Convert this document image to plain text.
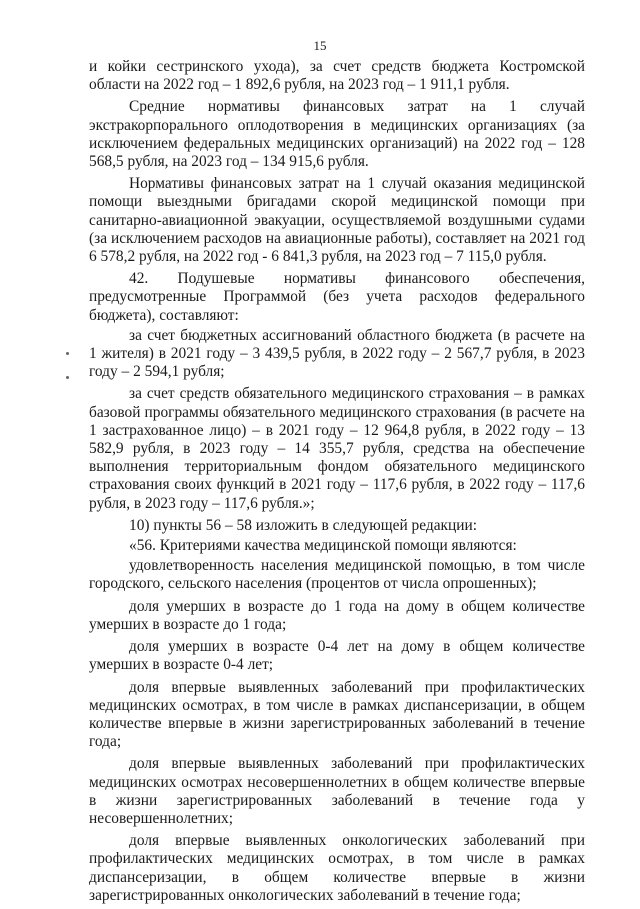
15

и койки сестринского ухода), за счет средств бюджета Костромской области на 2022 год – 1 892,6 рубля, на 2023 год – 1 911,1 рубля.

Средние нормативы финансовых затрат на 1 случай экстракорпорального оплодотворения в медицинских организациях (за исключением федеральных медицинских организаций) на 2022 год – 128 568,5 рубля, на 2023 год – 134 915,6 рубля.

Нормативы финансовых затрат на 1 случай оказания медицинской помощи выездными бригадами скорой медицинской помощи при санитарно-авиационной эвакуации, осуществляемой воздушными судами (за исключением расходов на авиационные работы), составляет на 2021 год 6 578,2 рубля, на 2022 год - 6 841,3 рубля, на 2023 год – 7 115,0 рубля.

42. Подушевые нормативы финансового обеспечения, предусмотренные Программой (без учета расходов федерального бюджета), составляют:

за счет бюджетных ассигнований областного бюджета (в расчете на 1 жителя) в 2021 году – 3 439,5 рубля, в 2022 году – 2 567,7 рубля, в 2023 году – 2 594,1 рубля;

за счет средств обязательного медицинского страхования – в рамках базовой программы обязательного медицинского страхования (в расчете на 1 застрахованное лицо) – в 2021 году – 12 964,8 рубля, в 2022 году – 13 582,9 рубля, в 2023 году – 14 355,7 рубля, средства на обеспечение выполнения территориальным фондом обязательного медицинского страхования своих функций в 2021 году – 117,6 рубля, в 2022 году – 117,6 рубля, в 2023 году – 117,6 рубля.»;

10) пункты 56 – 58 изложить в следующей редакции:

«56. Критериями качества медицинской помощи являются:

удовлетворенность населения медицинской помощью, в том числе городского, сельского населения (процентов от числа опрошенных);

доля умерших в возрасте до 1 года на дому в общем количестве умерших в возрасте до 1 года;

доля умерших в возрасте 0-4 лет на дому в общем количестве умерших в возрасте 0-4 лет;

доля впервые выявленных заболеваний при профилактических медицинских осмотрах, в том числе в рамках диспансеризации, в общем количестве впервые в жизни зарегистрированных заболеваний в течение года;

доля впервые выявленных заболеваний при профилактических медицинских осмотрах несовершеннолетних в общем количестве впервые в жизни зарегистрированных заболеваний в течение года у несовершеннолетних;

доля впервые выявленных онкологических заболеваний при профилактических медицинских осмотрах, в том числе в рамках диспансеризации, в общем количестве впервые в жизни зарегистрированных онкологических заболеваний в течение года;
